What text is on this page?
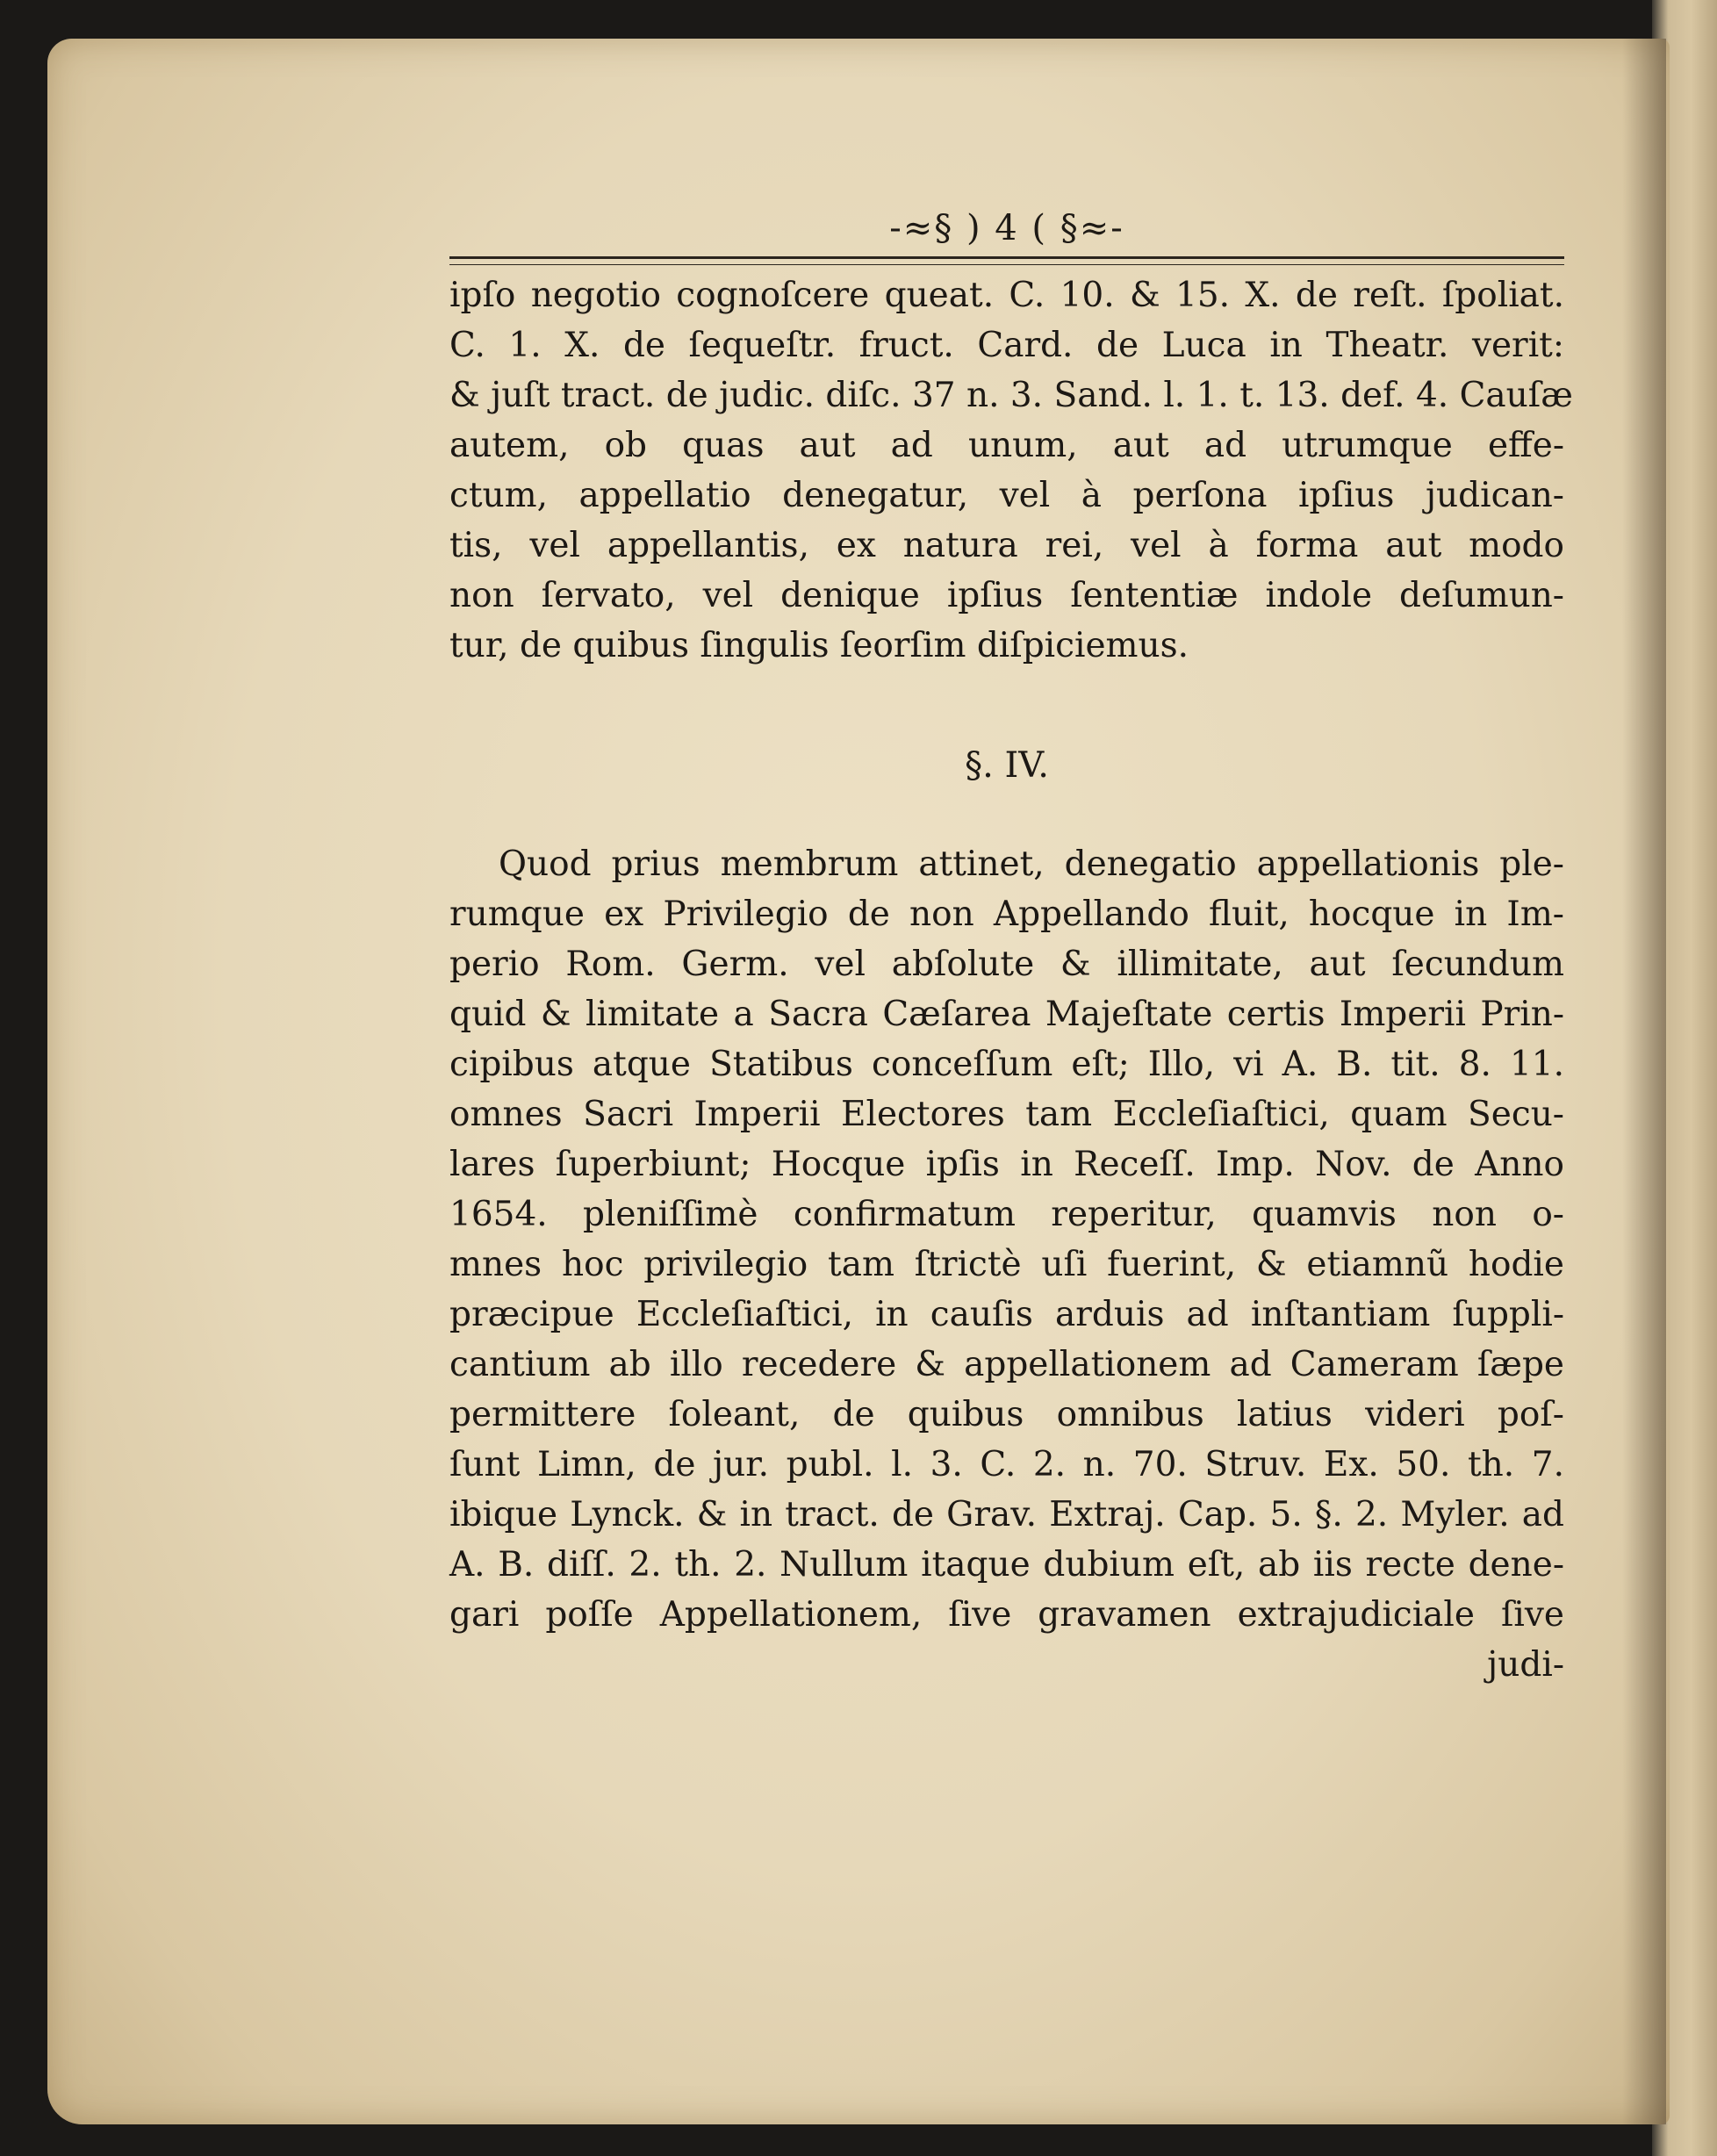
-≈§ ) 4 ( §≈-
ipſo negotio cognoſcere queat. C. 10. & 15. X. de reſt. ſpoliat.
C. 1. X. de ſequeſtr. fruct. Card. de Luca in Theatr. verit:
& juſt tract. de judic. diſc. 37 n. 3. Sand. l. 1. t. 13. def. 4. Cauſæ
autem, ob quas aut ad unum, aut ad utrumque effe-
ctum, appellatio denegatur, vel à perſona ipſius judican-
tis, vel appellantis, ex natura rei, vel à forma aut modo
non ſervato, vel denique ipſius ſententiæ indole deſumun-
tur, de quibus ſingulis ſeorſim diſpiciemus.
§. IV.
Quod prius membrum attinet, denegatio appellationis ple-
rumque ex Privilegio de non Appellando fluit, hocque in Im-
perio Rom. Germ. vel abſolute & illimitate, aut ſecundum
quid & limitate a Sacra Cæſarea Majeſtate certis Imperii Prin-
cipibus atque Statibus conceſſum eſt; Illo, vi A. B. tit. 8. 11.
omnes Sacri Imperii Electores tam Eccleſiaſtici, quam Secu-
lares ſuperbiunt; Hocque ipſis in Receſſ. Imp. Nov. de Anno
1654. pleniſſimè confirmatum reperitur, quamvis non o-
mnes hoc privilegio tam ſtrictè uſi fuerint, & etiamnũ hodie
præcipue Eccleſiaſtici, in cauſis arduis ad inſtantiam ſuppli-
cantium ab illo recedere & appellationem ad Cameram ſæpe
permittere ſoleant, de quibus omnibus latius videri poſ-
ſunt Limn, de jur. publ. l. 3. C. 2. n. 70. Struv. Ex. 50. th. 7.
ibique Lynck. & in tract. de Grav. Extraj. Cap. 5. §. 2. Myler. ad
A. B. diſſ. 2. th. 2. Nullum itaque dubium eſt, ab iis recte dene-
gari poſſe Appellationem, ſive gravamen extrajudiciale ſive
judi-
